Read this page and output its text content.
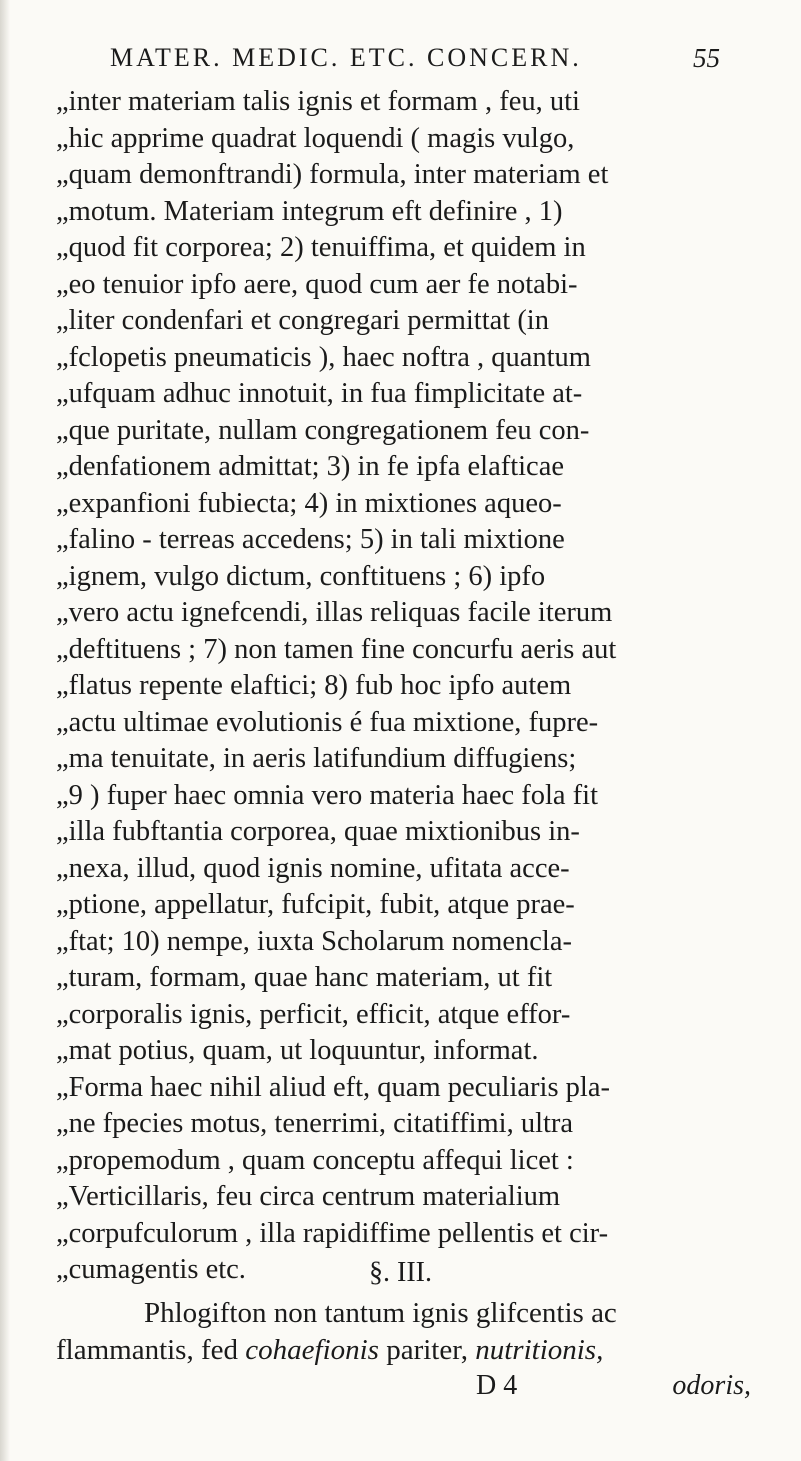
MATER. MEDIC. ETC. CONCERN.	55
„inter materiam talis ignis et formam , feu, uti
„hic apprime quadrat loquendi ( magis vulgo,
„quam demonftrandi) formula, inter materiam et
„motum. Materiam integrum eft definire , 1)
„quod fit corporea; 2) tenuiffima, et quidem in
„eo tenuior ipfo aere, quod cum aer fe notabi-
„liter condenfari et congregari permittat (in
„fclopetis pneumaticis ), haec noftra , quantum
„ufquam adhuc innotuit, in fua fimplicitate at-
„que puritate, nullam congregationem feu con-
„denfationem admittat; 3) in fe ipfa elafticae
„expanfioni fubiecta; 4) in mixtiones aqueo-
„falino - terreas accedens; 5) in tali mixtione
„ignem, vulgo dictum, conftituens ; 6) ipfo
„vero actu ignefcendi, illas reliquas facile iterum
„deftituens ; 7) non tamen fine concurfu aeris aut
„flatus repente elaftici; 8) fub hoc ipfo autem
„actu ultimae evolutionis é fua mixtione, fupre-
„ma tenuitate, in aeris latifundium diffugiens;
„9 ) fuper haec omnia vero materia haec fola fit
„illa fubftantia corporea, quae mixtionibus in-
„nexa, illud, quod ignis nomine, ufitata acce-
„ptione, appellatur, fufcipit, fubit, atque prae-
„ftat; 10) nempe, iuxta Scholarum nomencla-
„turam, formam, quae hanc materiam, ut fit
„corporalis ignis, perficit, efficit, atque effor-
„mat potius, quam, ut loquuntur, informat.
„Forma haec nihil aliud eft, quam peculiaris pla-
„ne fpecies motus, tenerrimi, citatiffimi, ultra
„propemodum , quam conceptu affequi licet :
„Verticillaris, feu circa centrum materialium
„corpufculorum , illa rapidiffime pellentis et cir-
„cumagentis etc.	§. III.
Phlogifton non tantum ignis glifcentis ac
flammantis, fed cohaefionis pariter, nutritionis,
D 4	odoris,
